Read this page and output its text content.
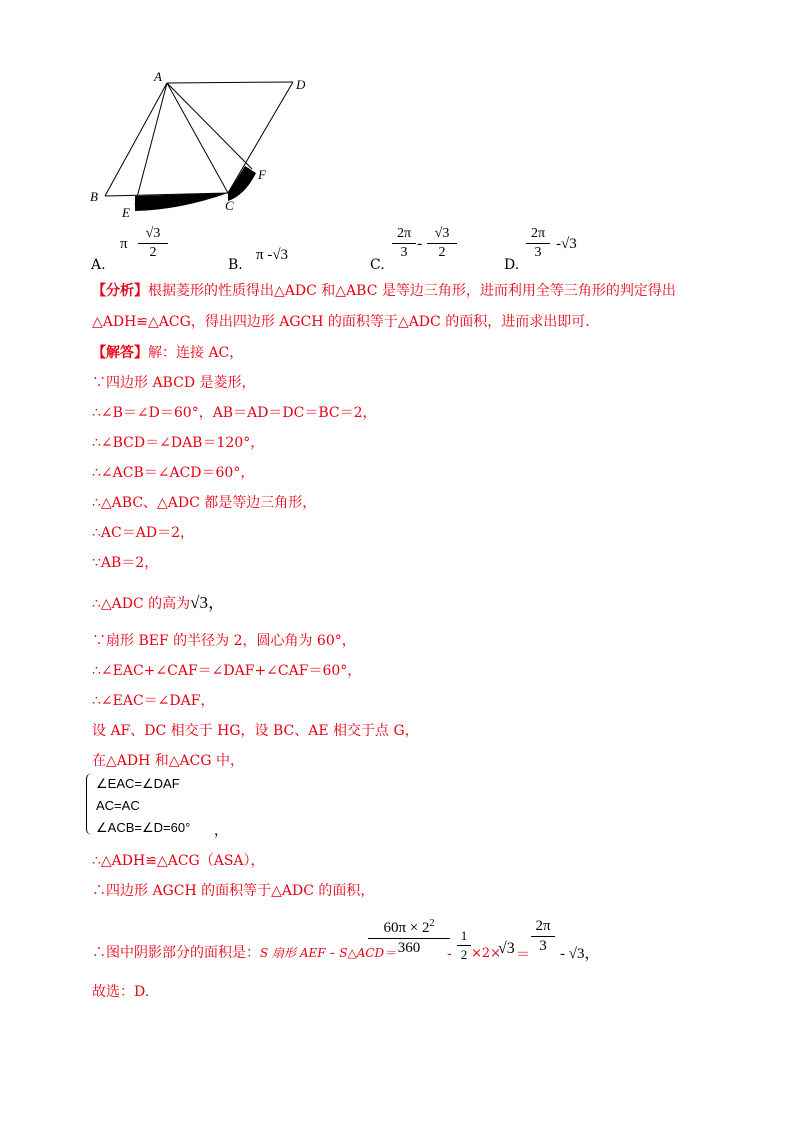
A
D
B
E	C
F
A.
π
√3
2
B.
π -√3
C.
2π
3
-
√3
2
D.
2π
3
-√3
【分析】根据菱形的性质得出△ADC 和△ABC 是等边三角形，进而利用全等三角形的判定得出
△ADH≌△ACG，得出四边形 AGCH 的面积等于△ADC 的面积，进而求出即可.
【解答】解：连接 AC，
∵四边形 ABCD 是菱形，
∴∠B＝∠D＝60°，AB＝AD＝DC＝BC＝2，
∴∠BCD＝∠DAB＝120°，
∴∠ACB＝∠ACD＝60°，
∴△ABC、△ADC 都是等边三角形，
∴AC＝AD＝2，
∵AB＝2，
∴△ADC 的高为√3，
∵扇形 BEF 的半径为 2，圆心角为 60°，
∴∠EAC+∠CAF＝∠DAF+∠CAF＝60°，
∴∠EAC＝∠DAF，
设 AF、DC 相交于 HG，设 BC、AE 相交于点 G，
在△ADH 和△ACG 中，
∠EAC=∠DAF
AC=AC
∠ACB=∠D=60° ，
∴△ADH≌△ACG（ASA），
∴四边形 AGCH 的面积等于△ADC 的面积，
∴图中阴影部分的面积是：S 扇形 AEF - S△ACD＝
$60\pi \times 2^2$
360	-
1
2 ×2×
√3 ＝
2π
3 - √3，
故选：D.
